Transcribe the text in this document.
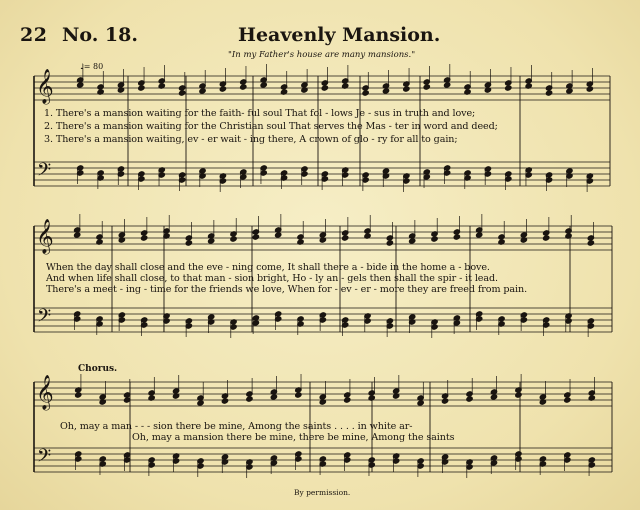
22 No. 18.	Heavenly Mansion.
"In my Father's house are many mansions."
𝄞
𝄢
𝄞
𝄢
𝄞
𝄢
♩= 80
1. There's a mansion waiting for the faith- ful soul That fol - lows Je - sus in truth and love;
2. There's a mansion waiting for the Christian soul That serves the Mas - ter in word and deed;
3. There's a mansion waiting, ev - er wait - ing there, A crown of glo - ry for all to gain;
When the day shall close and the eve - ning come, It shall there a - bide in the home a - bove.
And when life shall close, to that man - sion bright, Ho - ly an - gels then shall the spir - it lead.
There's a meet - ing - time for the friends we love, When for - ev - er - more they are freed from pain.
Chorus.
Oh, may a man - - - sion there be mine, Among the saints . . . . in white ar-
Oh, may a mansion there be mine, there be mine, Among the saints
By permission.
